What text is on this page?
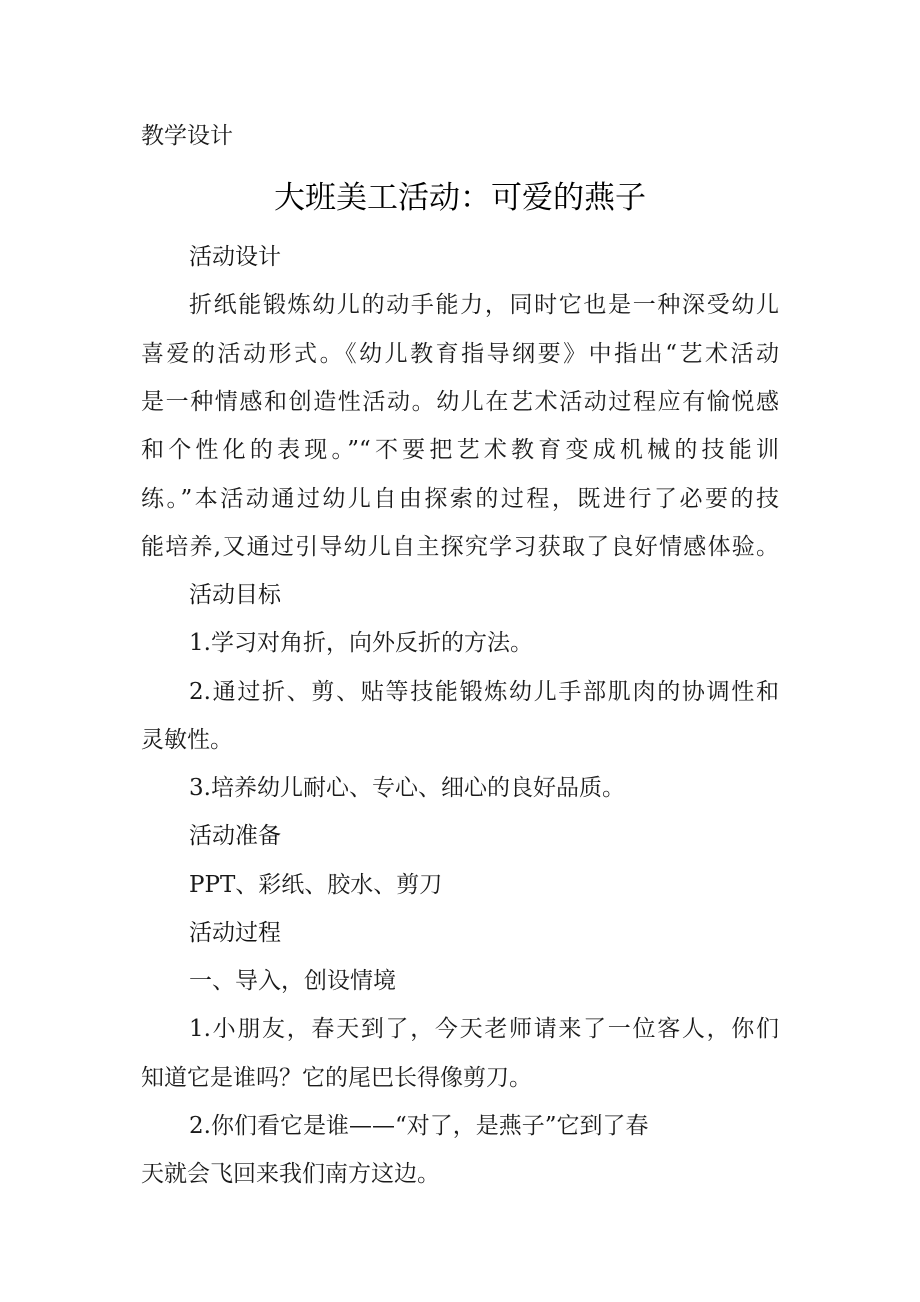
教学设计
大班美工活动：可爱的燕子
活动设计
折纸能锻炼幼儿的动手能力，同时它也是一种深受幼儿
喜爱的活动形式。《幼儿教育指导纲要》中指出“艺术活动
是一种情感和创造性活动。幼儿在艺术活动过程应有愉悦感
和个性化的表现。”“不要把艺术教育变成机械的技能训
练。”本活动通过幼儿自由探索的过程，既进行了必要的技
能培养,又通过引导幼儿自主探究学习获取了良好情感体验。
活动目标
1.学习对角折，向外反折的方法。
2.通过折、剪、贴等技能锻炼幼儿手部肌肉的协调性和
灵敏性。
3.培养幼儿耐心、专心、细心的良好品质。
活动准备
PPT、彩纸、胶水、剪刀
活动过程
一、导入，创设情境
1.小朋友，春天到了，今天老师请来了一位客人，你们
知道它是谁吗？它的尾巴长得像剪刀。
2.你们看它是谁——“对了，是燕子”它到了春
天就会飞回来我们南方这边。
